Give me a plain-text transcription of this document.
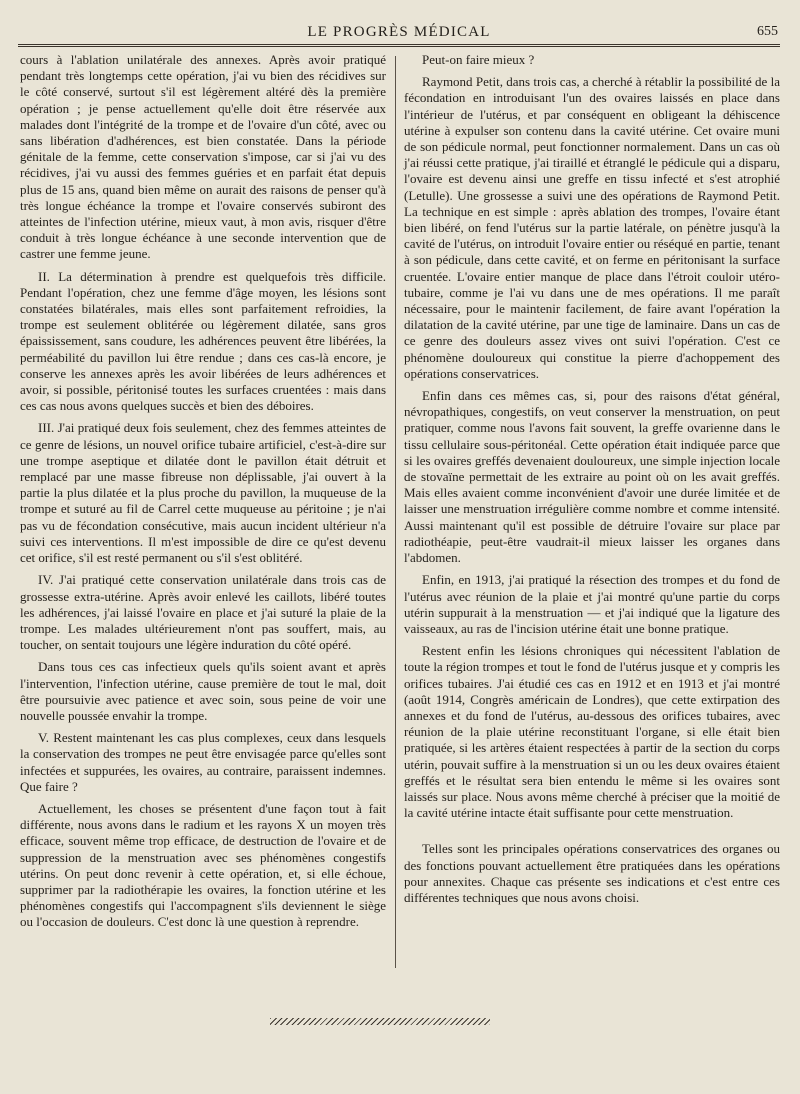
LE PROGRÈS MÉDICAL	655

cours à l'ablation unilatérale des annexes. Après avoir pratiqué pendant très longtemps cette opération, j'ai vu bien des récidives sur le côté conservé, surtout s'il est légèrement altéré dès la première opération ; je pense actuellement qu'elle doit être réservée aux malades dont l'intégrité de la trompe et de l'ovaire d'un côté, avec ou sans libération d'adhérences, est bien constatée. Dans la période génitale de la femme, cette conservation s'impose, car si j'ai vu des récidives, j'ai vu aussi des femmes guéries et en parfait état depuis plus de 15 ans, quand bien même on aurait des raisons de penser qu'à très longue échéance la trompe et l'ovaire conservés subiront des atteintes de l'infection utérine, mieux vaut, à mon avis, risquer d'être conduit à très longue échéance à une seconde intervention que de castrer une femme jeune.

II. La détermination à prendre est quelquefois très difficile. Pendant l'opération, chez une femme d'âge moyen, les lésions sont constatées bilatérales, mais elles sont parfaitement refroidies, la trompe est seulement oblitérée ou légèrement dilatée, sans gros épaississement, sans coudure, les adhérences peuvent être libérées, la perméabilité du pavillon lui être rendue ; dans ces cas-là encore, je conserve les annexes après les avoir libérées de leurs adhérences et avoir, si possible, péritonisé toutes les surfaces cruentées : mais dans ces cas nous avons quelques succès et bien des déboires.

III. J'ai pratiqué deux fois seulement, chez des femmes atteintes de ce genre de lésions, un nouvel orifice tubaire artificiel, c'est-à-dire sur une trompe aseptique et dilatée dont le pavillon était détruit et remplacé par une masse fibreuse non déplissable, j'ai ouvert à la partie la plus dilatée et la plus proche du pavillon, la muqueuse de la trompe et suturé au fil de Carrel cette muqueuse au péritoine ; je n'ai pas vu de fécondation consécutive, mais aucun incident ultérieur n'a suivi ces interventions. Il m'est impossible de dire ce qu'est devenu cet orifice, s'il est resté permanent ou s'il s'est oblitéré.

IV. J'ai pratiqué cette conservation unilatérale dans trois cas de grossesse extra-utérine. Après avoir enlevé les caillots, libéré toutes les adhérences, j'ai laissé l'ovaire en place et j'ai suturé la plaie de la trompe. Les malades ultérieurement n'ont pas souffert, mais, au toucher, on sentait toujours une légère induration du côté opéré.

Dans tous ces cas infectieux quels qu'ils soient avant et après l'intervention, l'infection utérine, cause première de tout le mal, doit être poursuivie avec patience et avec soin, sous peine de voir une nouvelle poussée envahir la trompe.

V. Restent maintenant les cas plus complexes, ceux dans lesquels la conservation des trompes ne peut être envisagée parce qu'elles sont infectées et suppurées, les ovaires, au contraire, paraissent indemnes. Que faire ?

Actuellement, les choses se présentent d'une façon tout à fait différente, nous avons dans le radium et les rayons X un moyen très efficace, souvent même trop efficace, de destruction de l'ovaire et de suppression de la menstruation avec ses phénomènes congestifs utérins. On peut donc revenir à cette opération, et, si elle échoue, supprimer par la radiothérapie les ovaires, la fonction utérine et les phénomènes congestifs qui l'accompagnent s'ils deviennent le siège ou l'occasion de douleurs. C'est donc là une question à reprendre.

Peut-on faire mieux ?

Raymond Petit, dans trois cas, a cherché à rétablir la possibilité de la fécondation en introduisant l'un des ovaires laissés en place dans l'intérieur de l'utérus, et par conséquent en obligeant la déhiscence utérine à expulser son contenu dans la cavité utérine. Cet ovaire muni de son pédicule normal, peut fonctionner normalement. Dans un cas où j'ai réussi cette pratique, j'ai tiraillé et étranglé le pédicule qui a disparu, l'ovaire est devenu ainsi une greffe en tissu infecté et s'est atrophié (Letulle). Une grossesse a suivi une des opérations de Raymond Petit. La technique en est simple : après ablation des trompes, l'ovaire étant bien libéré, on fend l'utérus sur la partie latérale, on pénètre jusqu'à la cavité de l'utérus, on introduit l'ovaire entier ou réséqué en partie, tenant à son pédicule, dans cette cavité, et on ferme en péritonisant la surface cruentée. L'ovaire entier manque de place dans l'étroit couloir utéro-tubaire, comme je l'ai vu dans une de mes opérations. Il me paraît nécessaire, pour le maintenir facilement, de faire avant l'opération la dilatation de la cavité utérine, par une tige de laminaire. Dans un cas de ce genre des douleurs assez vives ont suivi l'opération. C'est ce phénomène douloureux qui constitue la pierre d'achoppement des opérations conservatrices.

Enfin dans ces mêmes cas, si, pour des raisons d'état général, névropathiques, congestifs, on veut conserver la menstruation, on peut pratiquer, comme nous l'avons fait souvent, la greffe ovarienne dans le tissu cellulaire sous-péritonéal. Cette opération était indiquée parce que si les ovaires greffés devenaient douloureux, une simple injection locale de stovaïne permettait de les extraire au point où on les avait greffés. Mais elles avaient comme inconvénient d'avoir une durée limitée et de laisser une menstruation irrégulière comme nombre et comme intensité. Aussi maintenant qu'il est possible de détruire l'ovaire sur place par radiothéapie, peut-être vaudrait-il mieux laisser les organes dans l'abdomen.

Enfin, en 1913, j'ai pratiqué la résection des trompes et du fond de l'utérus avec réunion de la plaie et j'ai montré qu'une partie du corps utérin suppurait à la menstruation — et j'ai indiqué que la ligature des vaisseaux, au ras de l'incision utérine était une bonne pratique.

Restent enfin les lésions chroniques qui nécessitent l'ablation de toute la région trompes et tout le fond de l'utérus jusque et y compris les orifices tubaires. J'ai étudié ces cas en 1912 et en 1913 et j'ai montré (août 1914, Congrès américain de Londres), que cette extirpation des annexes et du fond de l'utérus, au-dessous des orifices tubaires, avec réunion de la plaie utérine reconstituant l'organe, si elle était bien pratiquée, si les artères étaient respectées à partir de la section du corps utérin, pouvait suffire à la menstruation si un ou les deux ovaires étaient greffés et le résultat sera bien entendu le même si les ovaires sont laissés sur place. Nous avons même cherché à préciser que la moitié de la cavité utérine intacte était suffisante pour cette menstruation.

Telles sont les principales opérations conservatrices des organes ou des fonctions pouvant actuellement être pratiquées dans les opérations pour annexites. Chaque cas présente ses indications et c'est entre ces différentes techniques que nous avons choisi.
